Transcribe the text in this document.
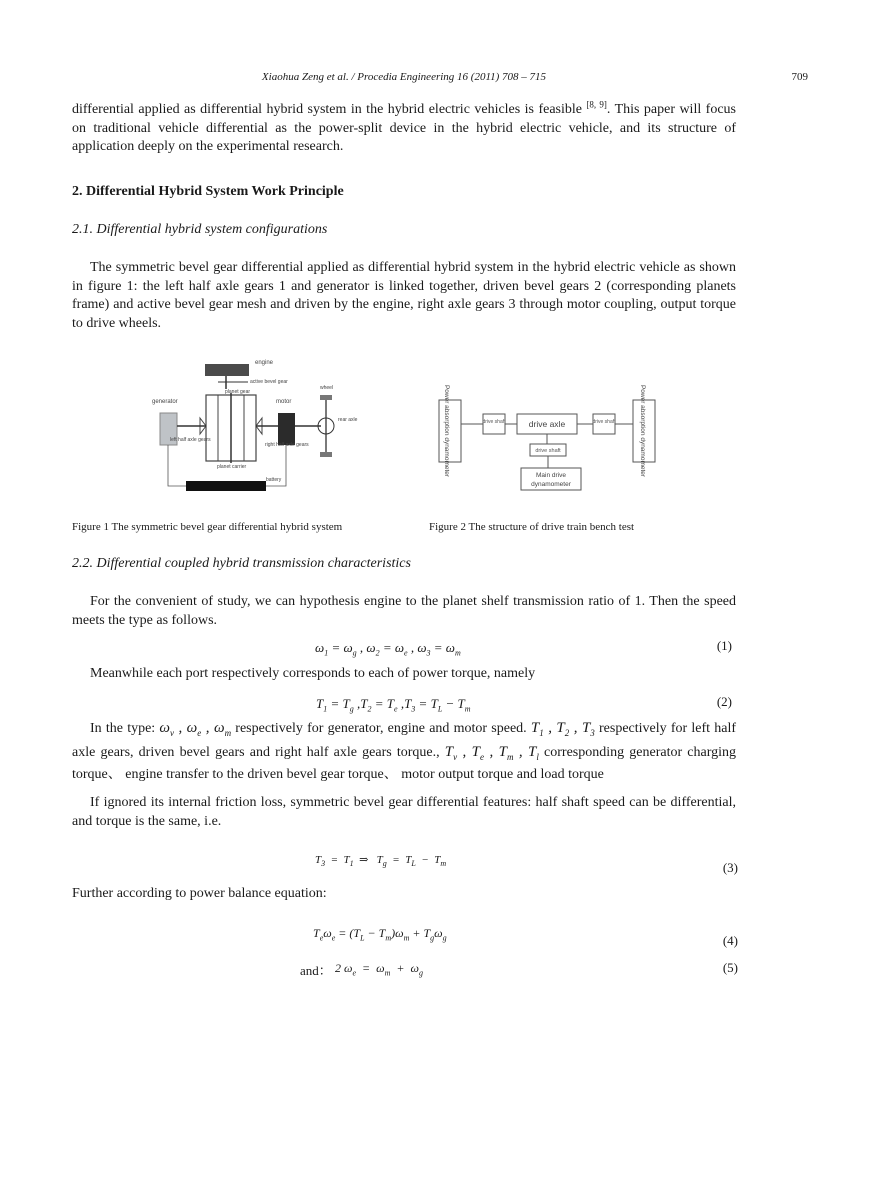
Xiaohua Zeng et al. / Procedia Engineering 16 (2011) 708 – 715	709
differential applied as differential hybrid system in the hybrid electric vehicles is feasible [8, 9]. This paper will focus on traditional vehicle differential as the power-split device in the hybrid electric vehicle, and its structure of application deeply on the experimental research.
2. Differential Hybrid System Work Principle
2.1. Differential hybrid system configurations
The symmetric bevel gear differential applied as differential hybrid system in the hybrid electric vehicle as shown in figure 1: the left half axle gears 1 and generator is linked together, driven bevel gears 2 (corresponding planets frame) and active bevel gear mesh and driven by the engine, right axle gears 3 through motor coupling, output torque to drive wheels.
engine
active bevel gear
planet gear
generator	motor
wheel
rear axle
left half axle gears
right half axle gears
planet carrier
battery
Power absorption dynamometer	Power absorption dynamometer
drive shaft	drive axle	drive shaft
drive shaft
Main drive
dynamometer
Figure 1 The symmetric bevel gear differential hybrid system	Figure 2 The structure of drive train bench test
2.2. Differential coupled hybrid transmission characteristics
For the convenient of study, we can hypothesis engine to the planet shelf transmission ratio of 1. Then the speed meets the type as follows.
$\omega_1 = \omega_g$ , $\omega_2 = \omega_e$ , $\omega_3 = \omega_m$
(1)
Meanwhile each port respectively corresponds to each of power torque, namely
$T_1 = T_g$ $,T_2 = T_e$ $,T_3 = T_L - T_m$
(2)
In the type: $\omega_v$ , $\omega_e$ , $\omega_m$ respectively for generator, engine and motor speed. $T_1$ , $T_2$ , $T_3$ respectively for left half axle gears, driven bevel gears and right half axle gears torque., $T_v$ , $T_e$ , $T_m$ , $T_l$ corresponding generator charging torque、 engine transfer to the driven bevel gear torque、 motor output torque and load torque
If ignored its internal friction loss, symmetric bevel gear differential features: half shaft speed can be differential, and torque is the same, i.e.
$T_3 = T_1$  ⇒   $T_g = T_L - T_m$	(3)
Further according to power balance equation:
$T_e\omega_e = (T_L - T_m)\omega_m + T_g\omega_g$	(4)
and： 2 $\omega_e = \omega_m + \omega_g$	(5)
